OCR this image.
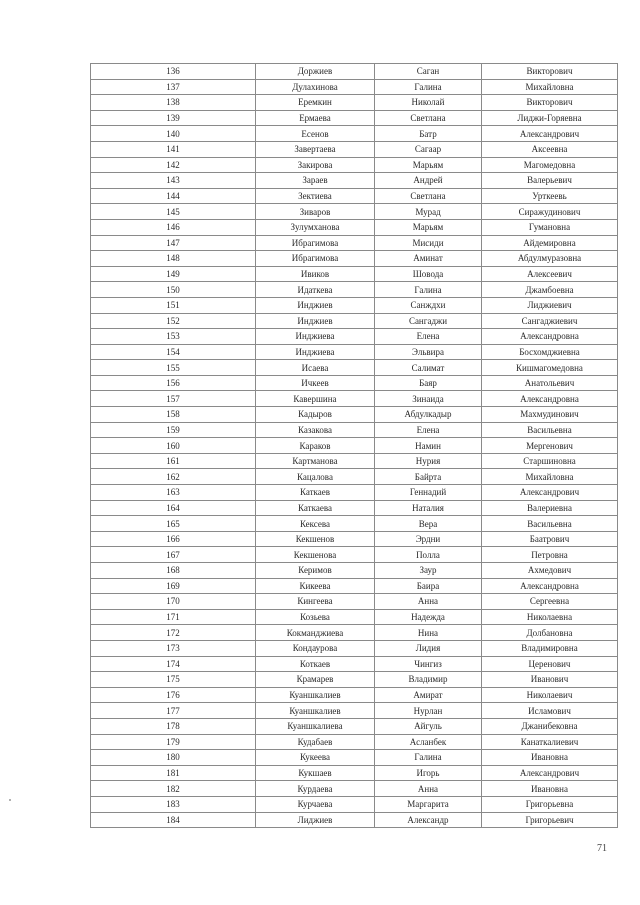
136	Доржиев	Саган	Викторович
137	Дулахинова	Галина	Михайловна
138	Еремкин	Николай	Викторович
139	Ермаева	Светлана	Лиджи-Горяевна
140	Есенов	Батр	Александрович
141	Завертаева	Сагаар	Аксеевна
142	Закирова	Марьям	Магомедовна
143	Зараев	Андрей	Валерьевич
144	Зектиева	Светлана	Урткеевь
145	Зиваров	Мурад	Сиражудинович
146	Зулумханова	Марьям	Гумановна
147	Ибрагимова	Мисиди	Айдемировна
148	Ибрагимова	Аминат	Абдулмуразовна
149	Ивиков	Шовода	Алексеевич
150	Идаткева	Галина	Джамбоевна
151	Инджиев	Санждхи	Лиджиевич
152	Инджиев	Сангаджи	Сангаджиевич
153	Инджиева	Елена	Александровна
154	Инджиева	Эльвира	Босхомджиевна
155	Исаева	Салимат	Кишмагомедовна
156	Ичкеев	Баяр	Анатольевич
157	Кавершина	Зинаида	Александровна
158	Кадыров	Абдулкадыр	Махмудинович
159	Казакова	Елена	Васильевна
160	Караков	Намин	Мергенович
161	Картманова	Нурия	Старшиновна
162	Кацалова	Байрта	Михайловна
163	Каткаев	Геннадий	Александрович
164	Каткаева	Наталия	Валериевна
165	Кексева	Вера	Васильевна
166	Кекшенов	Эрдни	Баатрович
167	Кекшенова	Полла	Петровна
168	Керимов	Заур	Ахмедович
169	Кикеева	Баира	Александровна
170	Кингеева	Анна	Сергеевна
171	Козьева	Надежда	Николаевна
172	Кокманджиева	Нина	Долбановна
173	Кондаурова	Лидия	Владимировна
174	Коткаев	Чингиз	Церенович
175	Крамарев	Владимир	Иванович
176	Куаншкалиев	Амират	Николаевич
177	Куаншкалиев	Нурлан	Исламович
178	Куаншкалиева	Айгуль	Джанибековна
179	Кудабаев	Асланбек	Канаткалиевич
180	Кукеева	Галина	Ивановна
181	Кукшаев	Игорь	Александрович
182	Курдаева	Анна	Ивановна
183	Курчаева	Маргарита	Григорьевна
184	Лиджиев	Александр	Григорьевич
71
